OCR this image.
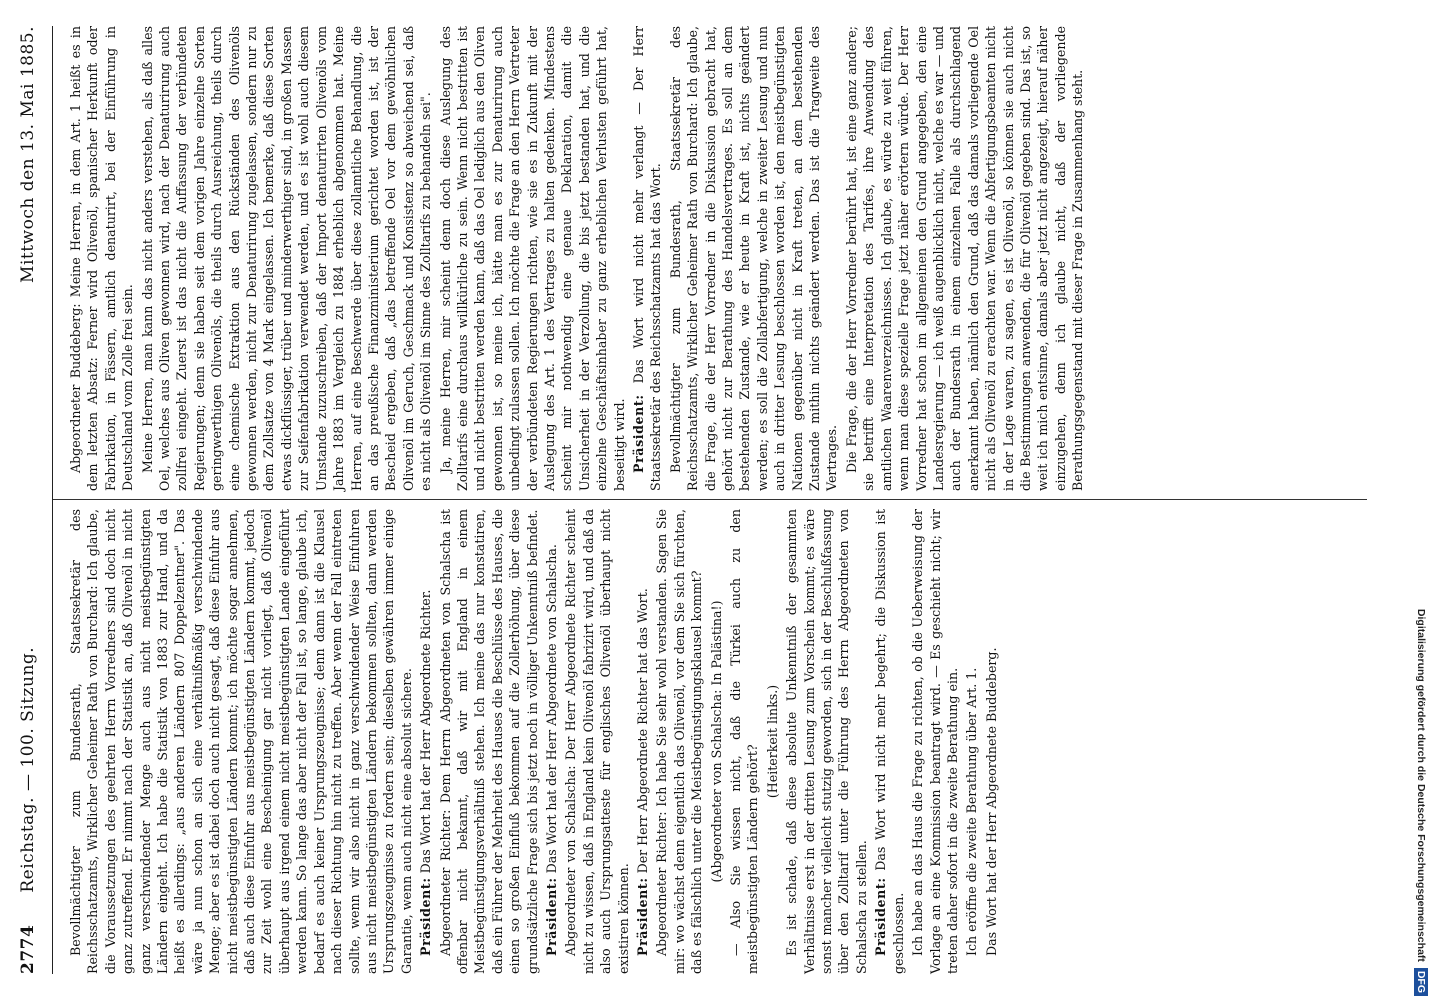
2774
Reichstag. — 100. Sitzung.
Mittwoch den 13. Mai 1885.

Bevollmächtigter zum Bundesrath, Staatssekretär des Reichsschatzamts, Wirklicher Geheimer Rath von Burchard: Ich glaube, die Voraussetzungen des geehrten Herrn Vorredners sind doch nicht ganz zutreffend. Er nimmt nach der Statistik an, daß Olivenöl in nicht ganz verschwindender Menge auch aus nicht meistbegünstigten Ländern eingeht. Ich habe die Statistik von 1883 zur Hand, und da heißt es allerdings: „aus anderen Ländern 807 Doppelzentner". Das wäre ja nun schon an sich eine verhältnißmäßig verschwindende Menge; aber es ist dabei doch auch nicht gesagt, daß diese Einfuhr aus nicht meistbegünstigten Ländern kommt; ich möchte sogar annehmen, daß auch diese Einfuhr aus meistbegünstigten Ländern kommt, jedoch zur Zeit wohl eine Bescheinigung gar nicht vorliegt, daß Olivenöl überhaupt aus irgend einem nicht meistbegünstigten Lande eingeführt werden kann. So lange das aber nicht der Fall ist, so lange, glaube ich, bedarf es auch keiner Ursprungszeugnisse; denn dann ist die Klausel nach dieser Richtung hin nicht zu treffen. Aber wenn der Fall eintreten sollte, wenn wir also nicht in ganz verschwindender Weise Einfuhren aus nicht meistbegünstigten Ländern bekommen sollten, dann werden Ursprungszeugnisse zu fordern sein; dieselben gewähren immer einige Garantie, wenn auch nicht eine absolut sichere. Präsident: Das Wort hat der Herr Abgeordnete Richter. Abgeordneter Richter: Dem Herrn Abgeordneten von Schalscha ist offenbar nicht bekannt, daß wir mit England in einem Meistbegünstigungsverhältniß stehen. Ich meine das nur konstatiren, daß ein Führer der Mehrheit des Hauses die Beschlüsse des Hauses, die einen so großen Einfluß bekommen auf die Zollerhöhung, über diese grundsätzliche Frage sich bis jetzt noch in völliger Unkenntniß befindet. Präsident: Das Wort hat der Herr Abgeordnete von Schalscha. Abgeordneter von Schalscha: Der Herr Abgeordnete Richter scheint nicht zu wissen, daß in England kein Olivenöl fabrizirt wird, und daß da also auch Ursprungsatteste für englisches Olivenöl überhaupt nicht existiren können. Präsident: Der Herr Abgeordnete Richter hat das Wort. Abgeordneter Richter: Ich habe Sie sehr wohl verstanden. Sagen Sie mir: wo wächst denn eigentlich das Olivenöl, vor dem Sie sich fürchten, daß es fälschlich unter die Meistbegünstigungsklausel kommt? (Abgeordneter von Schalscha: In Palästina!) — Also Sie wissen nicht, daß die Türkei auch zu den meistbegünstigten Ländern gehört?

(Heiterkeit links.) Es ist schade, daß diese absolute Unkenntniß der gesammten Verhältnisse erst in der dritten Lesung zum Vorschein kommt; es wäre sonst mancher vielleicht stutzig geworden, sich in der Beschlußfassung über den Zolltarif unter die Führung des Herrn Abgeordneten von Schalscha zu stellen. Präsident: Das Wort wird nicht mehr begehrt; die Diskussion ist geschlossen. Ich habe an das Haus die Frage zu richten, ob die Ueberweisung der Vorlage an eine Kommission beantragt wird. — Es geschieht nicht; wir treten daher sofort in die zweite Berathung ein. Ich eröffne die zweite Berathung über Art. 1. Das Wort hat der Herr Abgeordnete Buddeberg.

Abgeordneter Buddeberg: Meine Herren, in dem Art. 1 heißt es in dem letzten Absatz: Ferner wird Olivenöl, spanischer Herkunft oder Fabrikation, in Fässern, amtlich denaturirt, bei der Einführung in Deutschland vom Zolle frei sein. Meine Herren, man kann das nicht anders verstehen, als daß alles Oel, welches aus Oliven gewonnen wird, nach der Denaturirung auch zollfrei eingeht. Zuerst ist das nicht die Auffassung der verbündeten Regierungen; denn sie haben seit dem vorigen Jahre einzelne Sorten geringwerthigen Olivenöls, die theils durch Ausreichung, theils durch eine chemische Extraktion aus den Rückständen des Olivenöls gewonnen werden, nicht zur Denaturirung zugelassen, sondern nur zu dem Zollsatze von 4 Mark eingelassen. Ich bemerke, daß diese Sorten etwas dickflüssiger, trüber und minderwerthiger sind, in großen Massen zur Seifenfabrikation verwendet werden, und es ist wohl auch diesem Umstande zuzuschreiben, daß der Import denaturirten Olivenöls vom Jahre 1883 im Vergleich zu 1884 erheblich abgenommen hat. Meine Herren, auf eine Beschwerde über diese zollamtliche Behandlung, die an das preußische Finanzministerium gerichtet worden ist, ist der Bescheid ergeben, daß „das betreffende Oel vor dem gewöhnlichen Olivenöl im Geruch, Geschmack und Konsistenz so abweichend sei, daß es nicht als Olivenöl im Sinne des Zolltarifs zu behandeln sei". Ja, meine Herren, mir scheint denn doch diese Auslegung des Zolltarifs eine durchaus willkürliche zu sein. Wenn nicht bestritten ist und nicht bestritten werden kann, daß das Oel lediglich aus den Oliven gewonnen ist, so meine ich, hätte man es zur Denaturirung auch unbedingt zulassen sollen. Ich möchte die Frage an den Herrn Vertreter der verbündeten Regierungen richten, wie sie es in Zukunft mit der Auslegung des Art. 1 des Vertrages zu halten gedenken. Mindestens scheint mir nothwendig eine genaue Deklaration, damit die Unsicherheit in der Verzollung, die bis jetzt bestanden hat, und die einzelne Geschäftsinhaber zu ganz erheblichen Verlusten geführt hat, beseitigt wird. Präsident: Das Wort wird nicht mehr verlangt — Der Herr Staatssekretär des Reichsschatzamts hat das Wort. Bevollmächtigter zum Bundesrath, Staatssekretär des Reichsschatzamts, Wirklicher Geheimer Rath von Burchard: Ich glaube, die Frage, die der Herr Vorredner in die Diskussion gebracht hat, gehört nicht zur Berathung des Handelsvertrages. Es soll an dem bestehenden Zustande, wie er heute in Kraft ist, nichts geändert werden; es soll die Zollabfertigung, welche in zweiter Lesung und nun auch in dritter Lesung beschlossen worden ist, den meistbegünstigten Nationen gegenüber nicht in Kraft treten, an dem bestehenden Zustande mithin nichts geändert werden. Das ist die Tragweite des Vertrages. Die Frage, die der Herr Vorredner berührt hat, ist eine ganz andere; sie betrifft eine Interpretation des Tarifes, ihre Anwendung des amtlichen Waarenverzeichnisses. Ich glaube, es würde zu weit führen, wenn man diese spezielle Frage jetzt näher erörtern würde. Der Herr Vorredner hat schon im allgemeinen den Grund angegeben, den eine Landesregierung — ich weiß augenblicklich nicht, welche es war — und auch der Bundesrath in einem einzelnen Falle als durchschlagend anerkannt haben, nämlich den Grund, daß das damals vorliegende Oel nicht als Olivenöl zu erachten war. Wenn die Abfertigungsbeamten nicht in der Lage waren, zu sagen, es ist Olivenöl, so können sie auch nicht die Bestimmungen anwenden, die für Olivenöl gegeben sind. Das ist, so weit ich mich entsinne, damals aber jetzt nicht angezeigt, hierauf näher einzugehen, denn ich glaube nicht, daß der vorliegende Berathungsgegenstand mit dieser Frage in Zusammenhang steht.

Digitalisierung gefördert durch die Deutsche Forschungsgemeinschaft DFG
